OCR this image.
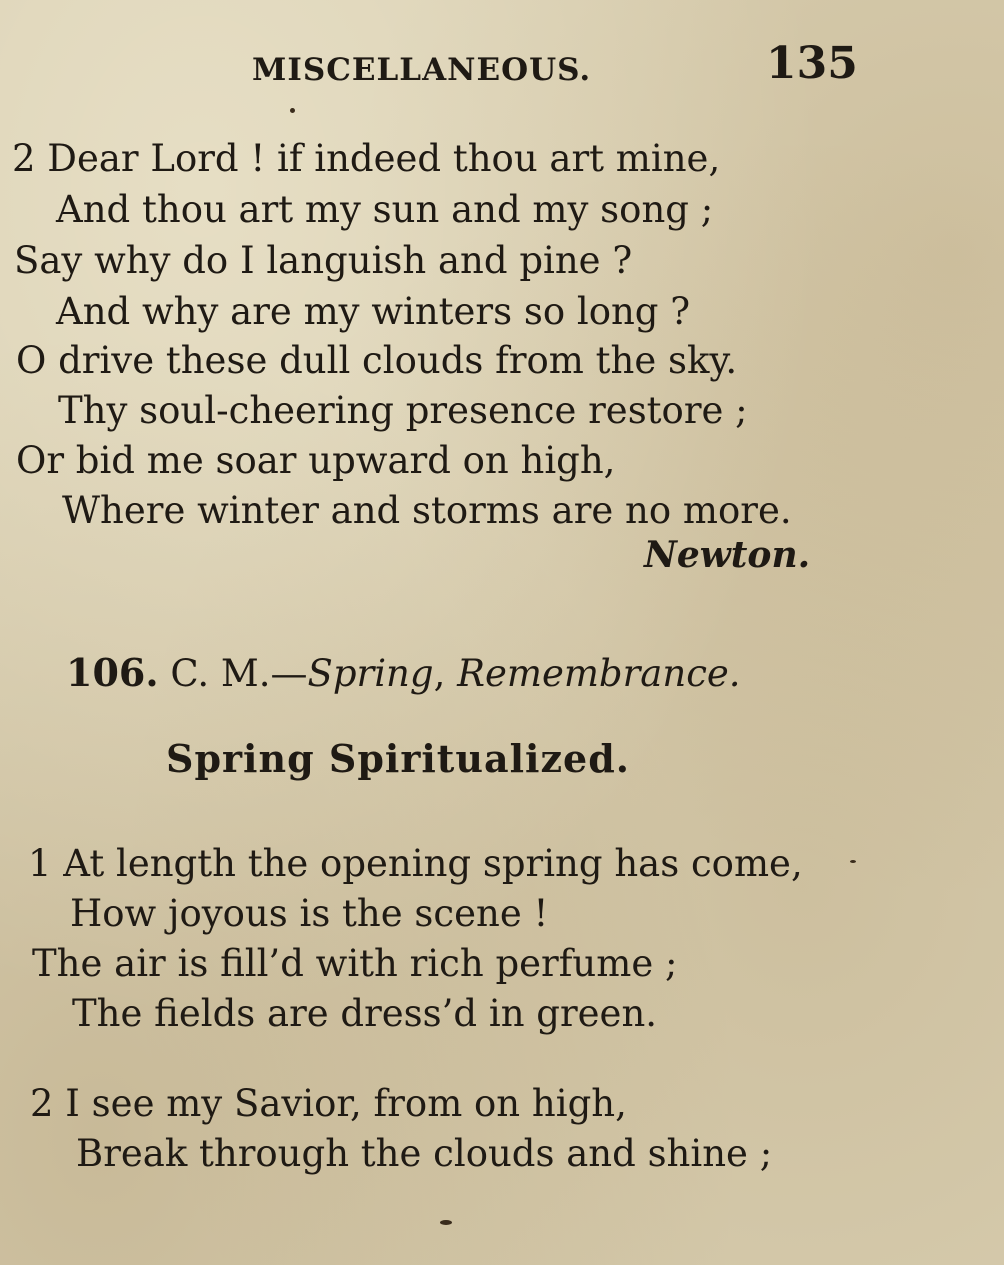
MISCELLANEOUS.	135
2 Dear Lord ! if indeed thou art mine,
And thou art my sun and my song ;
Say why do I languish and pine ?
And why are my winters so long ?
O drive these dull clouds from the sky.
Thy soul-cheering presence restore ;
Or bid me soar upward on high,
Where winter and storms are no more.
Newton.
106. C. M.—Spring, Remembrance.
Spring Spiritualized.
1 At length the opening spring has come,
How joyous is the scene !
The air is fill’d with rich perfume ;
The fields are dress’d in green.
2 I see my Savior, from on high,
Break through the clouds and shine ;
